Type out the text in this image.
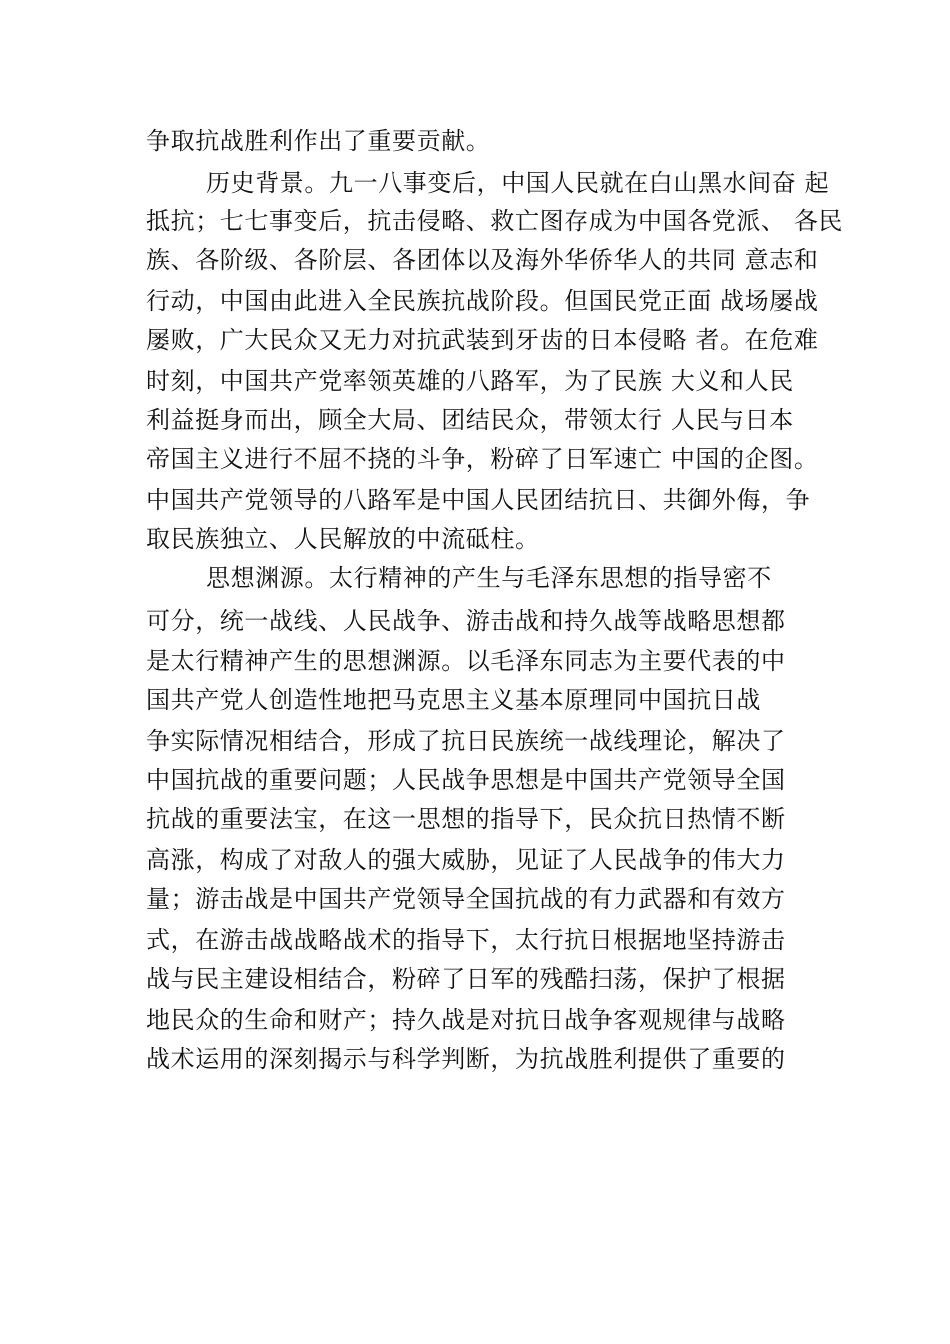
争取抗战胜利作出了重要贡献。

历史背景。九一八事变后，中国人民就在白山黑水间奋 起

抵抗；七七事变后，抗击侵略、救亡图存成为中国各党派、 各民

族、各阶级、各阶层、各团体以及海外华侨华人的共同 意志和

行动，中国由此进入全民族抗战阶段。但国民党正面 战场屡战

屡败，广大民众又无力对抗武装到牙齿的日本侵略 者。在危难

时刻，中国共产党率领英雄的八路军，为了民族 大义和人民

利益挺身而出，顾全大局、团结民众，带领太行 人民与日本

帝国主义进行不屈不挠的斗争，粉碎了日军速亡 中国的企图。

中国共产党领导的八路军是中国人民团结抗日、共御外侮，争

取民族独立、人民解放的中流砥柱。

思想渊源。太行精神的产生与毛泽东思想的指导密不

可分，统一战线、人民战争、游击战和持久战等战略思想都

是太行精神产生的思想渊源。以毛泽东同志为主要代表的中

国共产党人创造性地把马克思主义基本原理同中国抗日战

争实际情况相结合，形成了抗日民族统一战线理论，解决了

中国抗战的重要问题；人民战争思想是中国共产党领导全国

抗战的重要法宝，在这一思想的指导下，民众抗日热情不断

高涨，构成了对敌人的强大威胁，见证了人民战争的伟大力

量；游击战是中国共产党领导全国抗战的有力武器和有效方

式，在游击战战略战术的指导下，太行抗日根据地坚持游击

战与民主建设相结合，粉碎了日军的残酷扫荡，保护了根据

地民众的生命和财产；持久战是对抗日战争客观规律与战略

战术运用的深刻揭示与科学判断，为抗战胜利提供了重要的
